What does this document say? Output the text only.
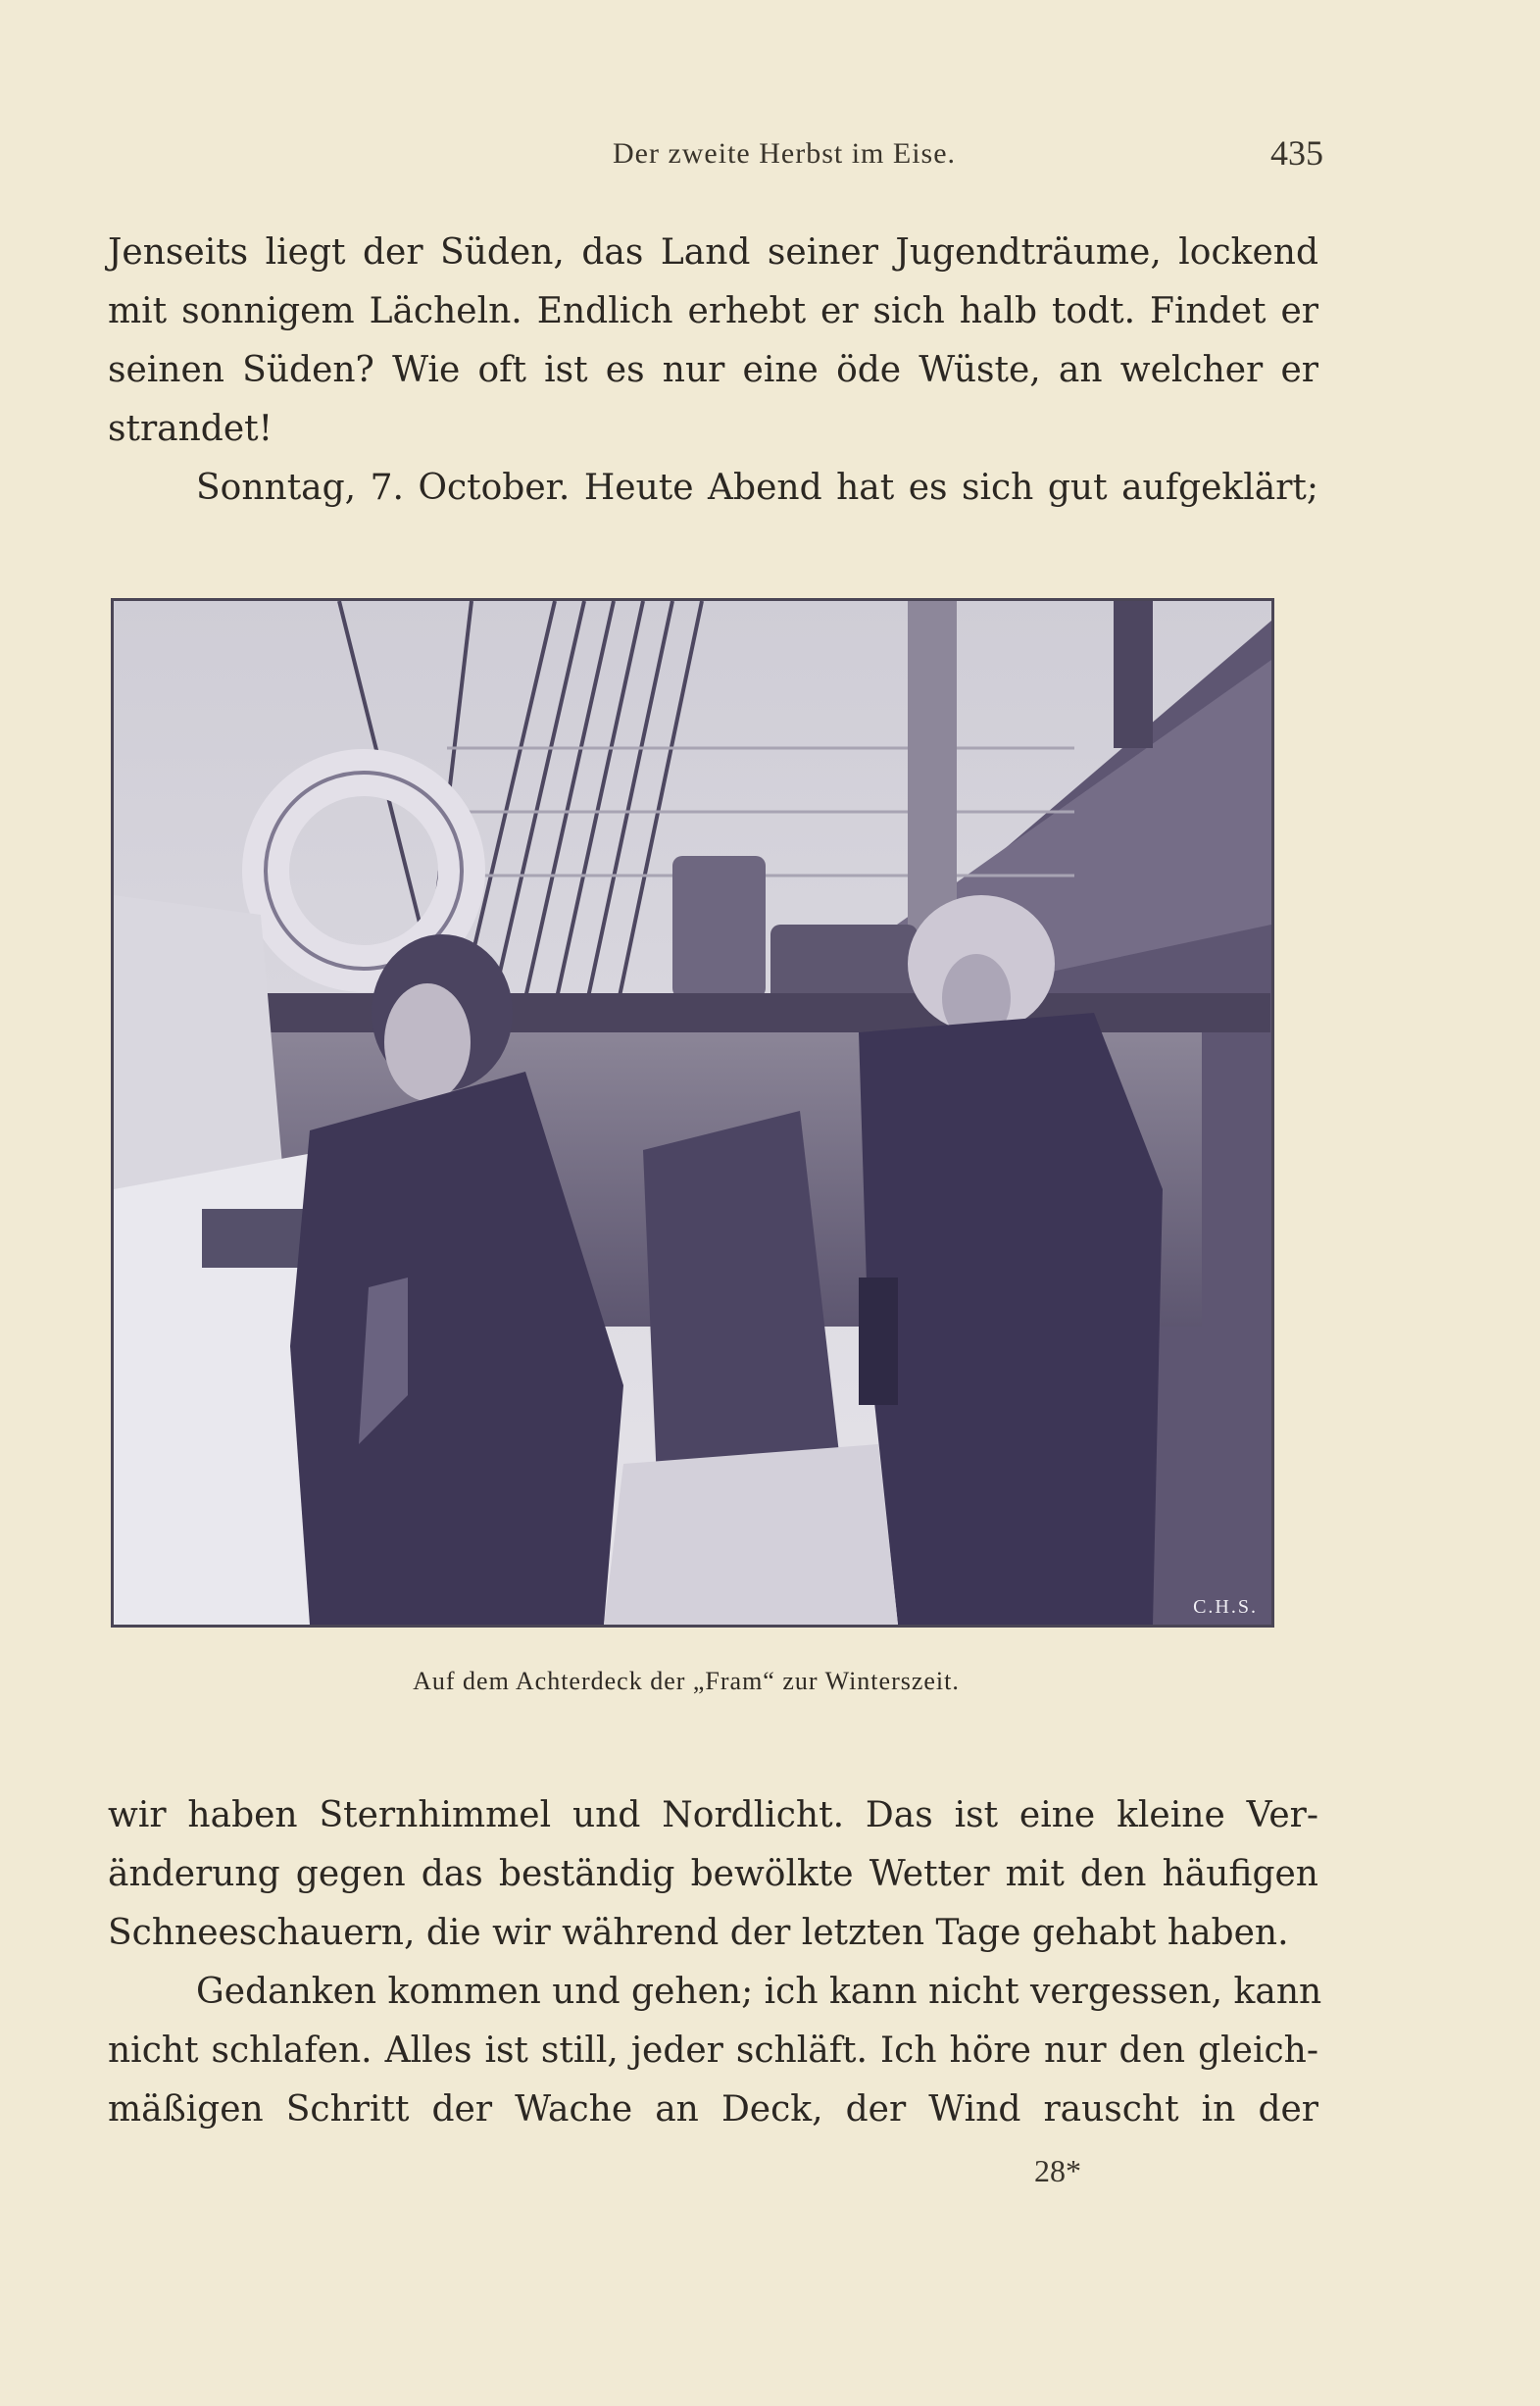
Der zweite Herbst im Eise.	435
Jenseits liegt der Süden, das Land seiner Jugendträume, lockend
mit sonnigem Lächeln. Endlich erhebt er sich halb todt. Findet er
seinen Süden? Wie oft ist es nur eine öde Wüste, an welcher er
strandet!
Sonntag, 7. October. Heute Abend hat es sich gut aufgeklärt;
C.H.S.
Auf dem Achterdeck der „Fram“ zur Winterszeit.
wir haben Sternhimmel und Nordlicht. Das ist eine kleine Ver-
änderung gegen das beständig bewölkte Wetter mit den häufigen
Schneeschauern, die wir während der letzten Tage gehabt haben.
Gedanken kommen und gehen; ich kann nicht vergessen, kann
nicht schlafen. Alles ist still, jeder schläft. Ich höre nur den gleich-
mäßigen Schritt der Wache an Deck, der Wind rauscht in der
28*
